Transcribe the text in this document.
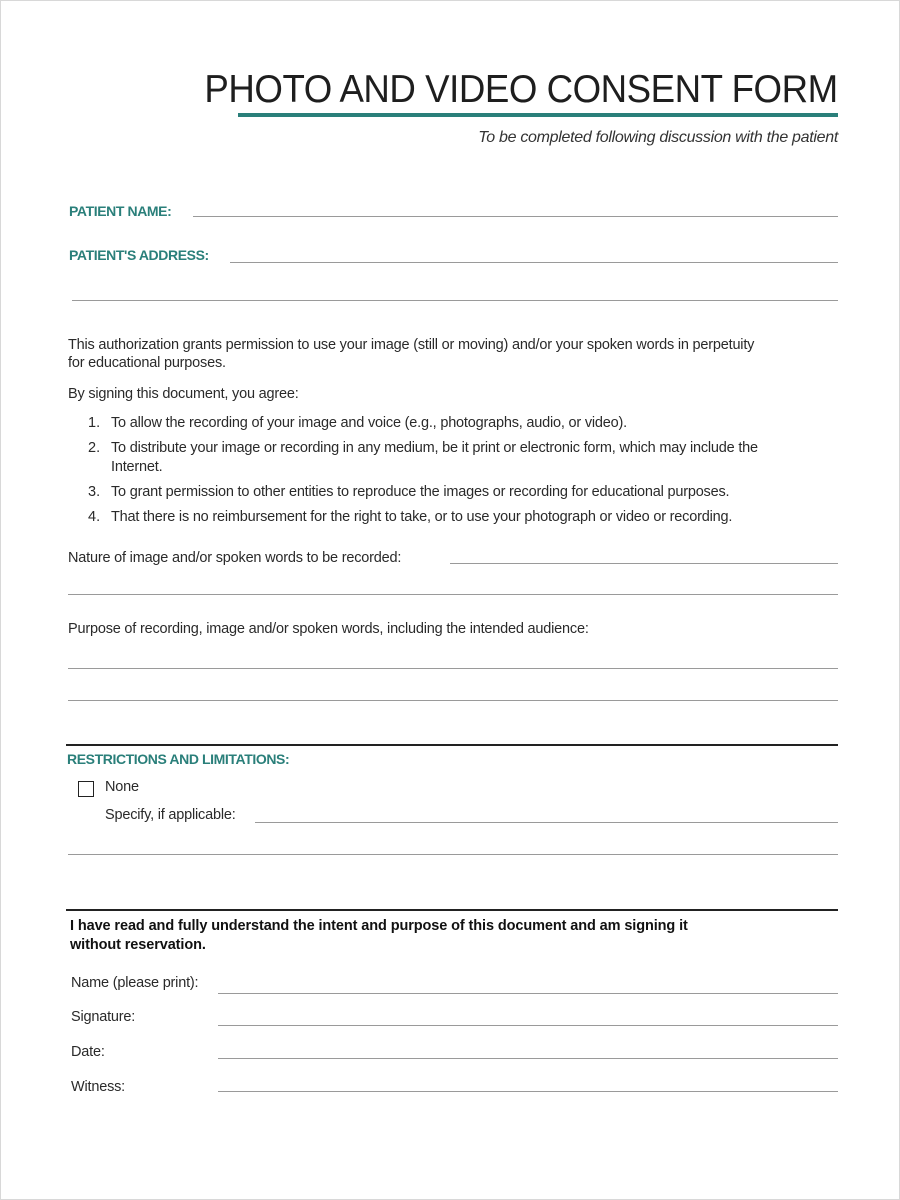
PHOTO AND VIDEO CONSENT FORM
To be completed following discussion with the patient
PATIENT NAME:
PATIENT'S ADDRESS:
This authorization grants permission to use your image (still or moving) and/or your spoken words in perpetuity
for educational purposes.
By signing this document, you agree:
1. To allow the recording of your image and voice (e.g., photographs, audio, or video).
2. To distribute your image or recording in any medium, be it print or electronic form, which may include the
Internet.
3. To grant permission to other entities to reproduce the images or recording for educational purposes.
4. That there is no reimbursement for the right to take, or to use your photograph or video or recording.
Nature of image and/or spoken words to be recorded:
Purpose of recording, image and/or spoken words, including the intended audience:
RESTRICTIONS AND LIMITATIONS:
None
Specify, if applicable:
I have read and fully understand the intent and purpose of this document and am signing it
without reservation.
Name (please print):
Signature:
Date:
Witness:
